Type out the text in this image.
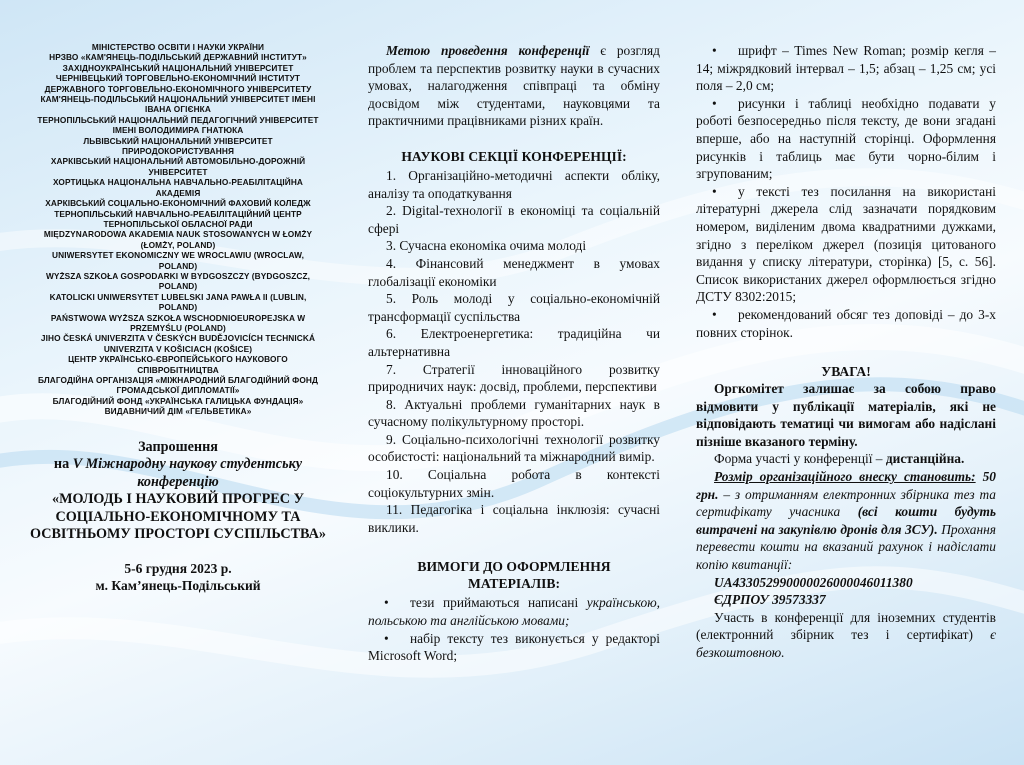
МІНІСТЕРСТВО ОСВІТИ І НАУКИ УКРАЇНИ
НРЗВО «КАМ'ЯНЕЦЬ-ПОДІЛЬСЬКИЙ ДЕРЖАВНИЙ ІНСТИТУТ»
ЗАХІДНОУКРАЇНСЬКИЙ НАЦІОНАЛЬНИЙ УНІВЕРСИТЕТ
ЧЕРНІВЕЦЬКИЙ ТОРГОВЕЛЬНО-ЕКОНОМІЧНИЙ ІНСТИТУТ ДЕРЖАВНОГО ТОРГОВЕЛЬНО-ЕКОНОМІЧНОГО УНІВЕРСИТЕТУ
КАМ'ЯНЕЦЬ-ПОДІЛЬСЬКИЙ НАЦІОНАЛЬНИЙ УНІВЕРСИТЕТ ІМЕНІ ІВАНА ОГІЄНКА
ТЕРНОПІЛЬСЬКИЙ НАЦІОНАЛЬНИЙ ПЕДАГОГІЧНИЙ УНІВЕРСИТЕТ ІМЕНІ ВОЛОДИМИРА ГНАТЮКА
ЛЬВІВСЬКИЙ НАЦІОНАЛЬНИЙ УНІВЕРСИТЕТ ПРИРОДОКОРИСТУВАННЯ
ХАРКІВСЬКИЙ НАЦІОНАЛЬНИЙ АВТОМОБІЛЬНО-ДОРОЖНІЙ УНІВЕРСИТЕТ
ХОРТИЦЬКА НАЦІОНАЛЬНА НАВЧАЛЬНО-РЕАБІЛІТАЦІЙНА АКАДЕМІЯ
ХАРКІВСЬКИЙ СОЦІАЛЬНО-ЕКОНОМІЧНИЙ ФАХОВИЙ КОЛЕДЖ
ТЕРНОПІЛЬСЬКИЙ НАВЧАЛЬНО-РЕАБІЛІТАЦІЙНИЙ ЦЕНТР ТЕРНОПІЛЬСЬКОЇ ОБЛАСНОЇ РАДИ
MIĘDZYNARODOWA AKADEMIA NAUK STOSOWANYCH W ŁOMŻY (ŁOMŻY, POLAND)
UNIWERSYTET EKONOMICZNY WE WROCLAWIU (WROCLAW, POLAND)
WYŻSZA SZKOŁA GOSPODARKI W BYDGOSZCZY (BYDGOSZCZ, POLAND)
KATOLICKI UNIWERSYTET LUBELSKI JANA PAWŁA II (LUBLIN, POLAND)
PAŃSTWOWA WYŻSZA SZKOŁA WSCHODNIOEUROPEJSKA W PRZEMYŚLU (POLAND)
JIHO ČESKÁ UNIVERZITA V ČESKÝCH BUDĚJOVICÍCH TECHNICKÁ UNIVERZITA V KOŠICIACH (KOŠICE)
ЦЕНТР УКРАЇНСЬКО-ЄВРОПЕЙСЬКОГО НАУКОВОГО СПІВРОБІТНИЦТВА
БЛАГОДІЙНА ОРГАНІЗАЦІЯ «МІЖНАРОДНИЙ БЛАГОДІЙНИЙ ФОНД ГРОМАДСЬКОЇ ДИПЛОМАТІЇ»
БЛАГОДІЙНИЙ ФОНД «УКРАЇНСЬКА ГАЛИЦЬКА ФУНДАЦІЯ»
ВИДАВНИЧИЙ ДІМ «ГЕЛЬВЕТИКА»
Запрошення
на V Міжнародну наукову студентську конференцію
«МОЛОДЬ І НАУКОВИЙ ПРОГРЕС У СОЦІАЛЬНО-ЕКОНОМІЧНОМУ ТА ОСВІТНЬОМУ ПРОСТОРІ СУСПІЛЬСТВА»
5-6 грудня 2023 р.
м. Кам’янець-Подільський

Метою проведення конференції є розгляд проблем та перспектив розвитку науки в сучасних умовах, налагодження співпраці та обміну досвідом між студентами, науковцями та практичними працівниками різних країн.

НАУКОВІ СЕКЦІЇ КОНФЕРЕНЦІЇ:

1. Організаційно-методичні аспекти обліку, аналізу та оподаткування

2. Digital-технології в економіці та соціальній сфері

3. Сучасна економіка очима молоді

4. Фінансовий менеджмент в умовах глобалізації економіки

5. Роль молоді у соціально-економічній трансформації суспільства

6. Електроенергетика: традиційна чи альтернативна

7. Стратегії інноваційного розвитку природничих наук: досвід, проблеми, перспективи

8. Актуальні проблеми гуманітарних наук в сучасному полікультурному просторі.

9. Соціально-психологічні технології розвитку особистості: національний та міжнародний вимір.

10. Соціальна робота в контексті соціокультурних змін.

11. Педагогіка і соціальна інклюзія: сучасні виклики.

ВИМОГИ ДО ОФОРМЛЕННЯ МАТЕРІАЛІВ:

• тези приймаються написані українською, польською та англійською мовами;

• набір тексту тез виконується у редакторі Microsoft Word;

• шрифт – Times New Roman; розмір кегля – 14; міжрядковий інтервал – 1,5; абзац – 1,25 см; усі поля – 2,0 см;

• рисунки і таблиці необхідно подавати у роботі безпосередньо після тексту, де вони згадані вперше, або на наступній сторінці. Оформлення рисунків і таблиць має бути чорно-білим і згрупованим;

• у тексті тез посилання на використані літературні джерела слід зазначати порядковим номером, виділеним двома квадратними дужками, згідно з переліком джерел (позиція цитованого видання у списку літератури, сторінка) [5, с. 56]. Список використаних джерел оформлюється згідно ДСТУ 8302:2015;

• рекомендований обсяг тез доповіді – до 3-х повних сторінок.

УВАГА!

Оргкомітет залишає за собою право відмовити у публікації матеріалів, які не відповідають тематиці чи вимогам або надіслані пізніше вказаного терміну.

Форма участі у конференції – дистанційна.

Розмір організаційного внеску становить: 50 грн. – з отриманням електронних збірника тез та сертифікату учасника (всі кошти будуть витрачені на закупівлю дронів для ЗСУ). Прохання перевести кошти на вказаний рахунок і надіслати копію квитанції:

UA433052990000026000046011380

ЄДРПОУ 39573337

Участь в конференції для іноземних студентів (електронний збірник тез і сертифікат) є безкоштовною.
